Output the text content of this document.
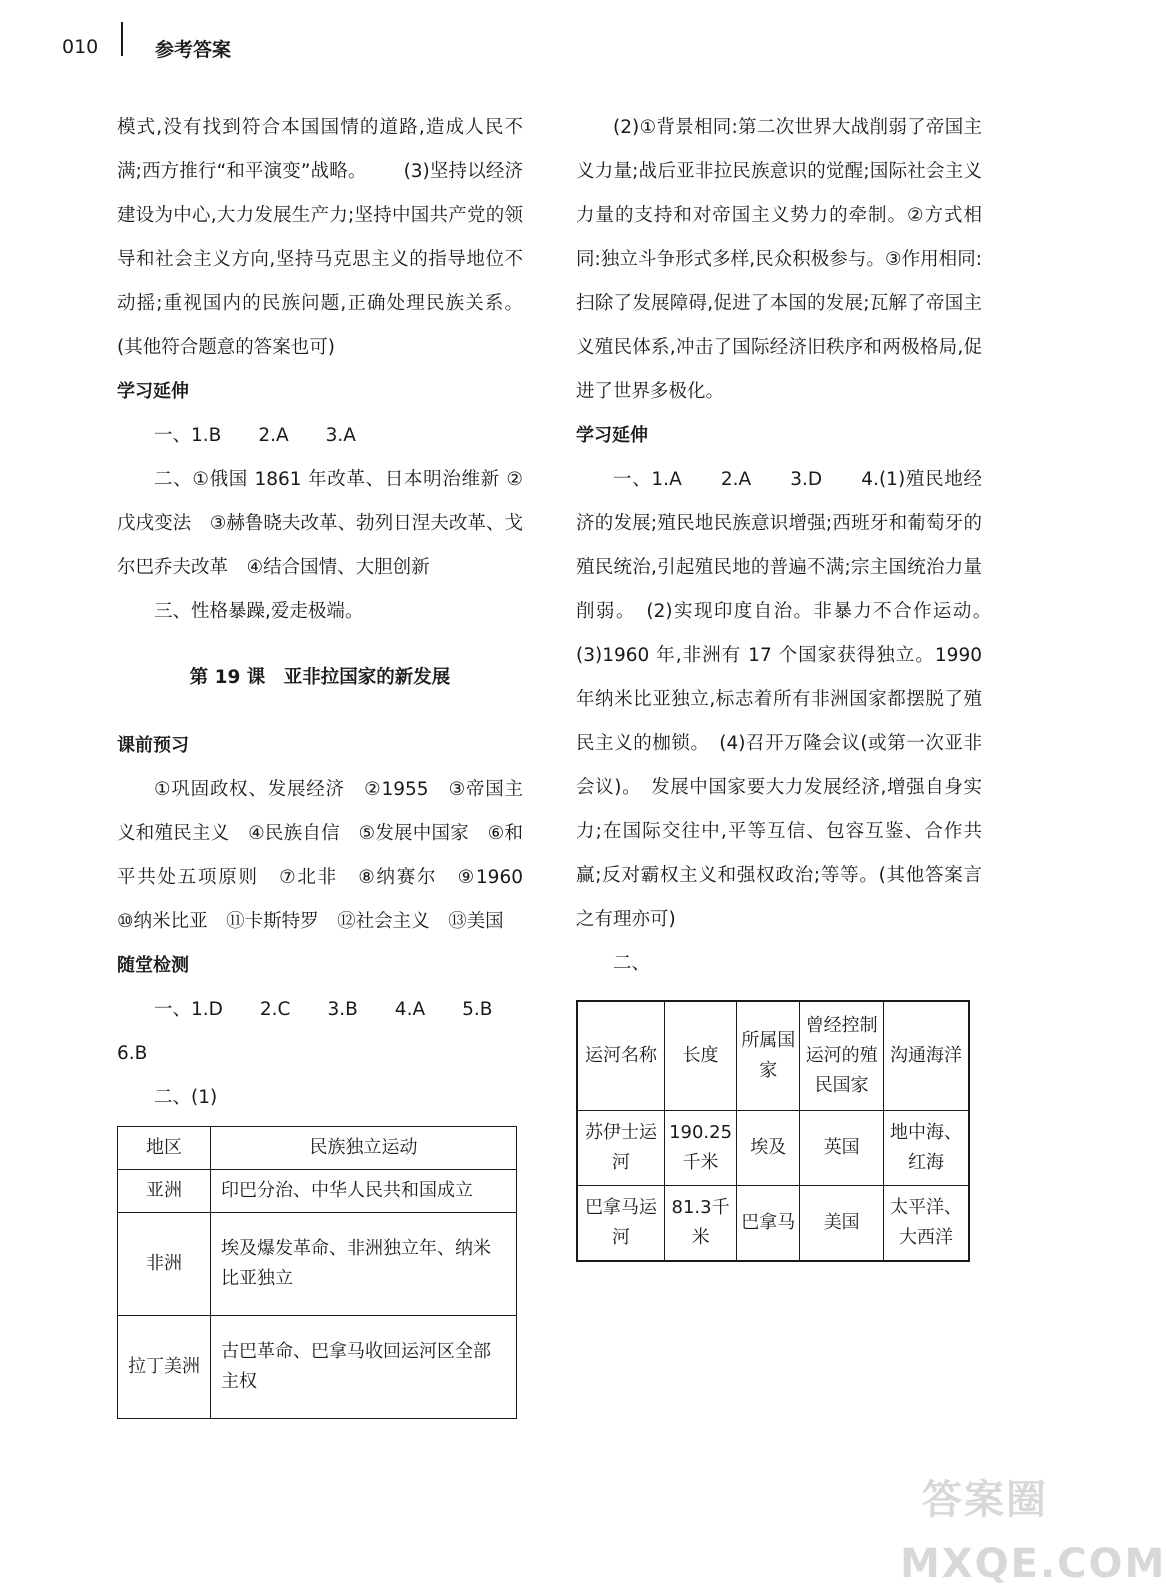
010	参考答案

模式,没有找到符合本国国情的道路,造成人民不满;西方推行“和平演变”战略。 (3)坚持以经济建设为中心,大力发展生产力;坚持中国共产党的领导和社会主义方向,坚持马克思主义的指导地位不动摇;重视国内的民族问题,正确处理民族关系。(其他符合题意的答案也可)

学习延伸

一、1.B　　2.A　　3.A

二、①俄国 1861 年改革、日本明治维新 ②戊戌变法　③赫鲁晓夫改革、勃列日涅夫改革、戈尔巴乔夫改革　④结合国情、大胆创新

三、性格暴躁,爱走极端。

第 19 课　亚非拉国家的新发展
课前预习

①巩固政权、发展经济　②1955　③帝国主义和殖民主义　④民族自信　⑤发展中国家　⑥和平共处五项原则　⑦北非　⑧纳赛尔　⑨1960　⑩纳米比亚　⑪卡斯特罗　⑫社会主义　⑬美国

随堂检测

一、1.D　　2.C　　3.B　　4.A　　5.B

6.B

二、(1)

地区	民族独立运动
亚洲	印巴分治、中华人民共和国成立
非洲	埃及爆发革命、非洲独立年、纳米比亚独立
拉丁美洲	古巴革命、巴拿马收回运河区全部主权

(2)①背景相同:第二次世界大战削弱了帝国主义力量;战后亚非拉民族意识的觉醒;国际社会主义力量的支持和对帝国主义势力的牵制。②方式相同:独立斗争形式多样,民众积极参与。③作用相同:扫除了发展障碍,促进了本国的发展;瓦解了帝国主义殖民体系,冲击了国际经济旧秩序和两极格局,促进了世界多极化。

学习延伸

一、1.A　　2.A　　3.D　　4.(1)殖民地经济的发展;殖民地民族意识增强;西班牙和葡萄牙的殖民统治,引起殖民地的普遍不满;宗主国统治力量削弱。　(2)实现印度自治。非暴力不合作运动。　(3)1960 年,非洲有 17 个国家获得独立。1990 年纳米比亚独立,标志着所有非洲国家都摆脱了殖民主义的枷锁。　(4)召开万隆会议(或第一次亚非会议)。　发展中国家要大力发展经济,增强自身实力;在国际交往中,平等互信、包容互鉴、合作共赢;反对霸权主义和强权政治;等等。(其他答案言之有理亦可)

二、

运河名称	长度	所属国家	曾经控制运河的殖民国家	沟通海洋
苏伊士运河	190.25千米	埃及	英国	地中海、红海
巴拿马运河	81.3千米	巴拿马	美国	太平洋、大西洋
答案圈 MXQE.COM
